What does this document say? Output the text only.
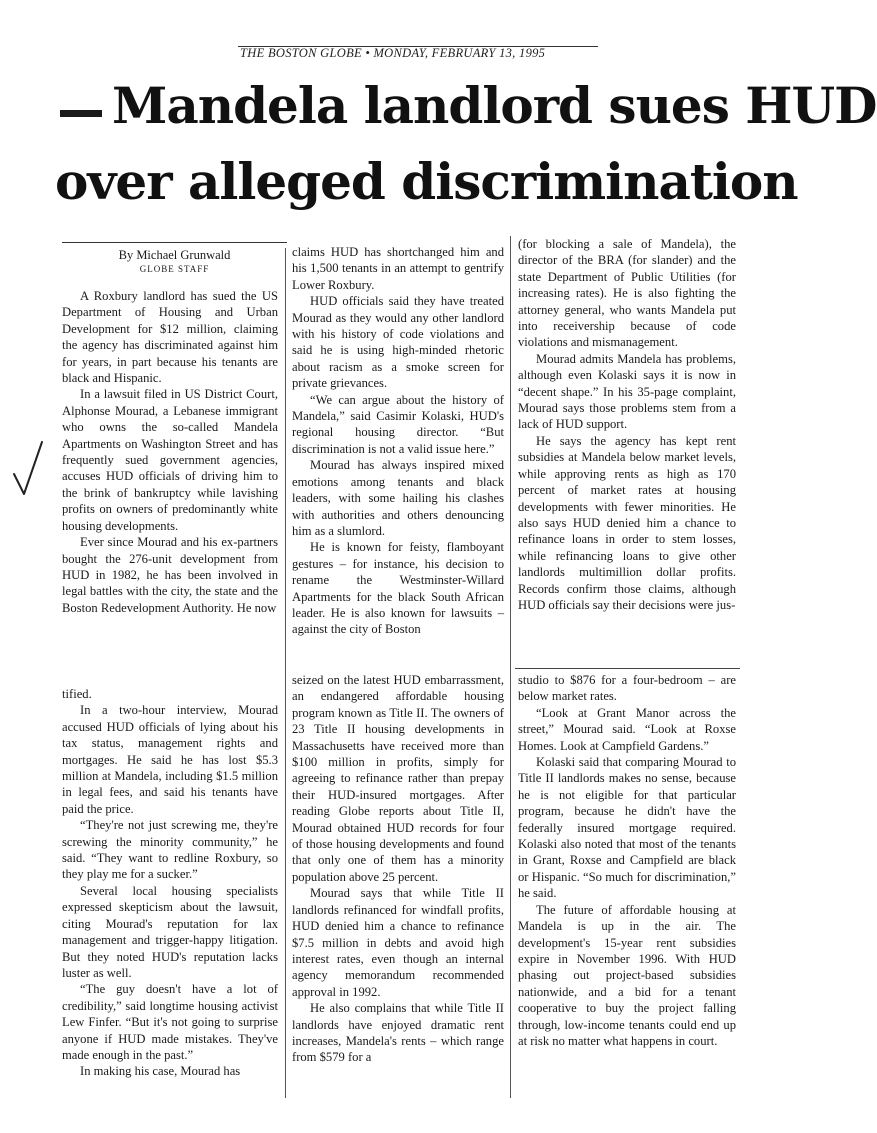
THE BOSTON GLOBE • MONDAY, FEBRUARY 13, 1995
Mandela landlord sues HUD
over alleged discrimination
By Michael Grunwald
GLOBE STAFF

A Roxbury landlord has sued the US Department of Housing and Urban Development for $12 million, claiming the agency has discriminated against him for years, in part because his tenants are black and Hispanic.

In a lawsuit filed in US District Court, Alphonse Mourad, a Lebanese immigrant who owns the so-called Mandela Apartments on Washington Street and has frequently sued government agencies, accuses HUD officials of driving him to the brink of bankruptcy while lavishing profits on owners of predominantly white housing developments.

Ever since Mourad and his ex-partners bought the 276-unit development from HUD in 1982, he has been involved in legal battles with the city, the state and the Boston Redevelopment Authority. He now

claims HUD has shortchanged him and his 1,500 tenants in an attempt to gentrify Lower Roxbury.

HUD officials said they have treated Mourad as they would any other landlord with his history of code violations and said he is using high-minded rhetoric about racism as a smoke screen for private grievances.

“We can argue about the history of Mandela,” said Casimir Kolaski, HUD's regional housing director. “But discrimination is not a valid issue here.”

Mourad has always inspired mixed emotions among tenants and black leaders, with some hailing his clashes with authorities and others denouncing him as a slumlord.

He is known for feisty, flamboyant gestures – for instance, his decision to rename the Westminster-Willard Apartments for the black South African leader. He is also known for lawsuits – against the city of Boston

(for blocking a sale of Mandela), the director of the BRA (for slander) and the state Department of Public Utilities (for increasing rates). He is also fighting the attorney general, who wants Mandela put into receivership because of code violations and mismanagement.

Mourad admits Mandela has problems, although even Kolaski says it is now in “decent shape.” In his 35-page complaint, Mourad says those problems stem from a lack of HUD support.

He says the agency has kept rent subsidies at Mandela below market levels, while approving rents as high as 170 percent of market rates at housing developments with fewer minorities. He also says HUD denied him a chance to refinance loans in order to stem losses, while refinancing loans to give other landlords multimillion dollar profits. Records confirm those claims, although HUD officials say their decisions were jus-

tified.

In a two-hour interview, Mourad accused HUD officials of lying about his tax status, management rights and mortgages. He said he has lost $5.3 million at Mandela, including $1.5 million in legal fees, and said his tenants have paid the price.

“They're not just screwing me, they're screwing the minority community,” he said. “They want to redline Roxbury, so they play me for a sucker.”

Several local housing specialists expressed skepticism about the lawsuit, citing Mourad's reputation for lax management and trigger-happy litigation. But they noted HUD's reputation lacks luster as well.

“The guy doesn't have a lot of credibility,” said longtime housing activist Lew Finfer. “But it's not going to surprise anyone if HUD made mistakes. They've made enough in the past.”

In making his case, Mourad has

seized on the latest HUD embarrassment, an endangered affordable housing program known as Title II. The owners of 23 Title II housing developments in Massachusetts have received more than $100 million in profits, simply for agreeing to refinance rather than prepay their HUD-insured mortgages. After reading Globe reports about Title II, Mourad obtained HUD records for four of those housing developments and found that only one of them has a minority population above 25 percent.

Mourad says that while Title II landlords refinanced for windfall profits, HUD denied him a chance to refinance $7.5 million in debts and avoid high interest rates, even though an internal agency memorandum recommended approval in 1992.

He also complains that while Title II landlords have enjoyed dramatic rent increases, Mandela's rents – which range from $579 for a

studio to $876 for a four-bedroom – are below market rates.

“Look at Grant Manor across the street,” Mourad said. “Look at Roxse Homes. Look at Campfield Gardens.”

Kolaski said that comparing Mourad to Title II landlords makes no sense, because he is not eligible for that particular program, because he didn't have the federally insured mortgage required. Kolaski also noted that most of the tenants in Grant, Roxse and Campfield are black or Hispanic. “So much for discrimination,” he said.

The future of affordable housing at Mandela is up in the air. The development's 15-year rent subsidies expire in November 1996. With HUD phasing out project-based subsidies nationwide, and a bid for a tenant cooperative to buy the project falling through, low-income tenants could end up at risk no matter what happens in court.
